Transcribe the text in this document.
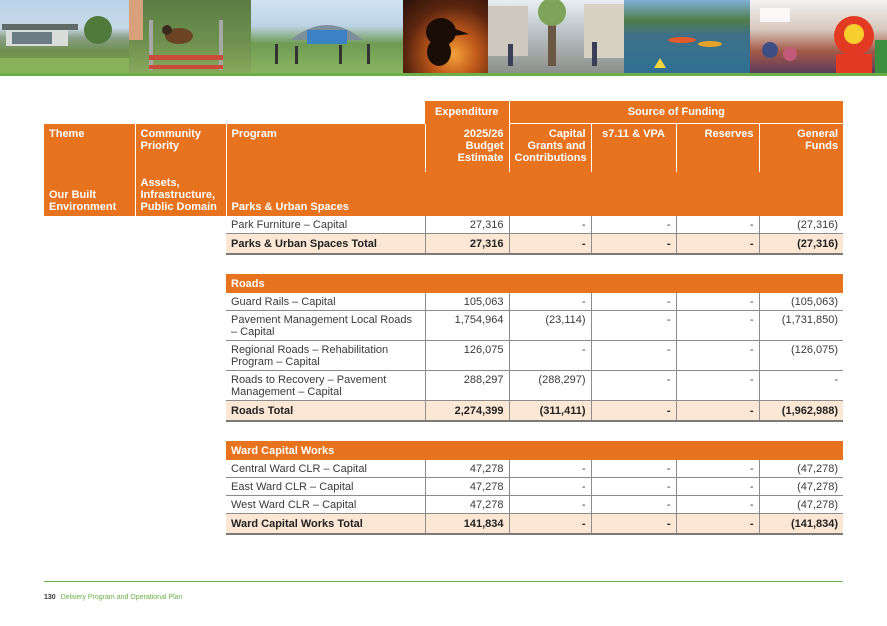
			Expenditure	Source of Funding			
Theme	Community Priority	Program	2025/26 Budget Estimate	Capital Grants and Contributions	s7.11 & VPA	Reserves	General Funds
Our Built Environment	Assets, Infrastructure, Public Domain	Parks & Urban Spaces					
		Park Furniture – Capital	27,316	-	-	-	(27,316)
		Parks & Urban Spaces Total	27,316	-	-	-	(27,316)

		Roads					
		Guard Rails – Capital	105,063	-	-	-	(105,063)
		Pavement Management Local Roads – Capital	1,754,964	(23,114)	-	-	(1,731,850)
		Regional Roads – Rehabilitation Program – Capital	126,075	-	-	-	(126,075)
		Roads to Recovery – Pavement Management – Capital	288,297	(288,297)	-	-	-
		Roads Total	2,274,399	(311,411)	-	-	(1,962,988)

		Ward Capital Works					
		Central Ward CLR – Capital	47,278	-	-	-	(47,278)
		East Ward CLR – Capital	47,278	-	-	-	(47,278)
		West Ward CLR – Capital	47,278	-	-	-	(47,278)
		Ward Capital Works Total	141,834	-	-	-	(141,834)
130 Delivery Program and Operational Plan
